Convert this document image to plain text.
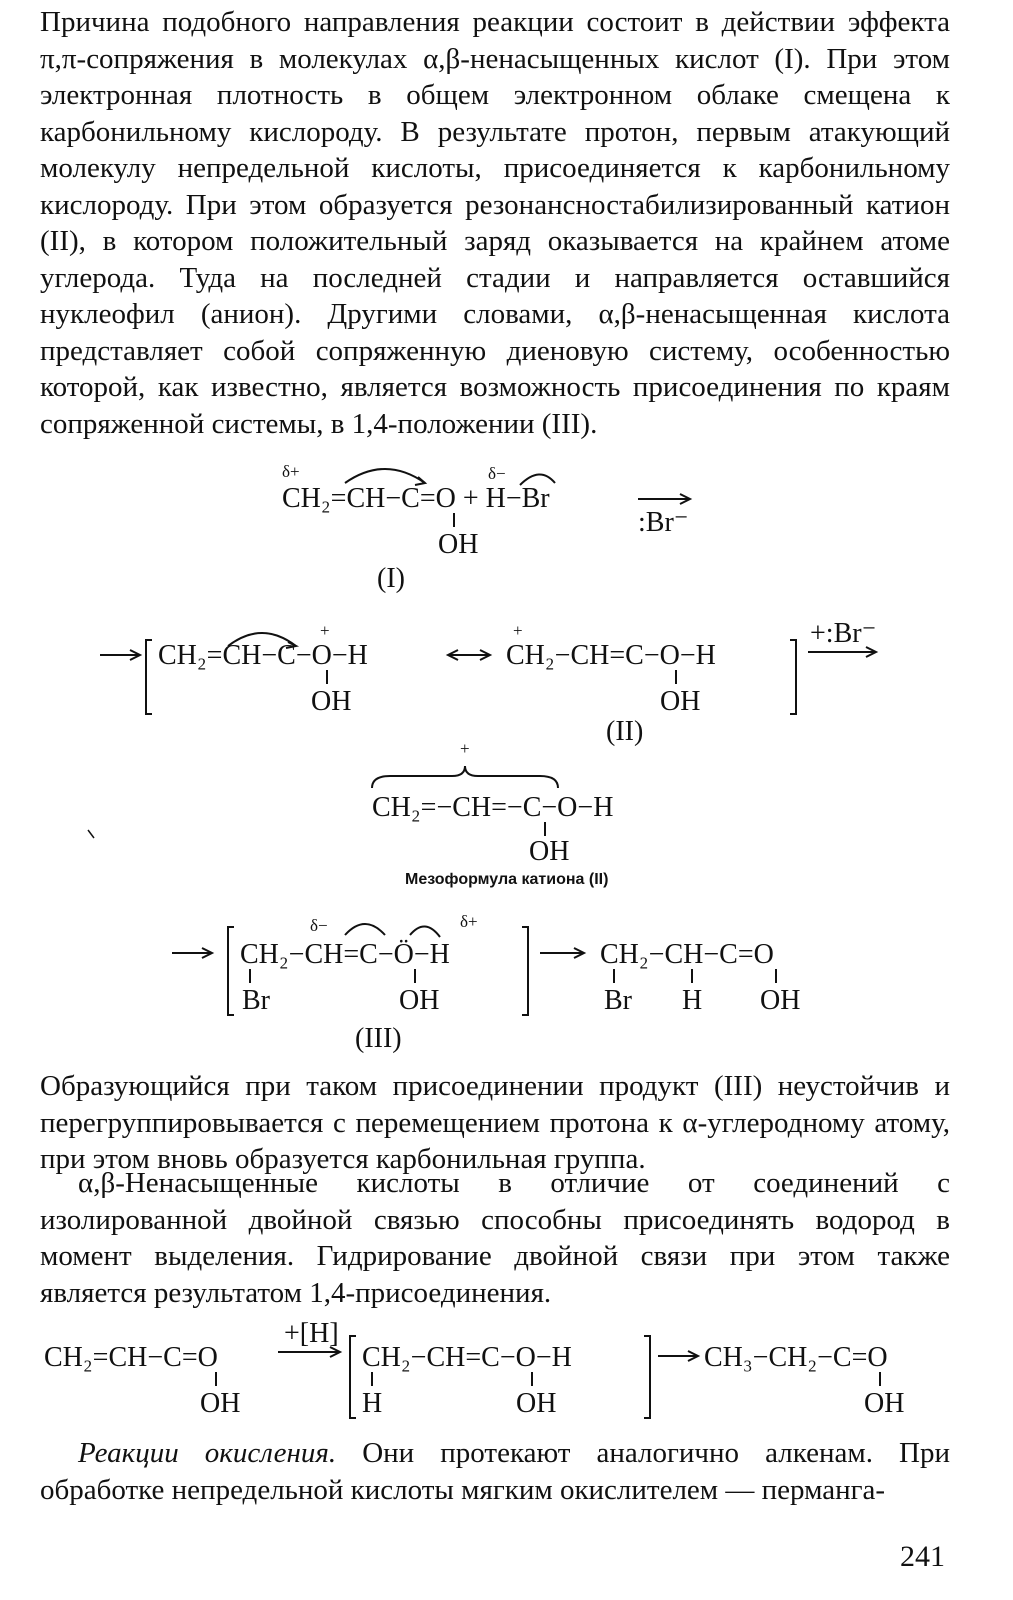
Причина подобного направления реакции состоит в действии эффекта π,π-сопряжения в молекулах α,β-ненасыщенных кислот (I). При этом электронная плотность в общем электронном облаке смещена к карбонильному кислороду. В результате протон, первым атакующий молекулу непредельной кислоты, присоединяется к карбонильному кислороду. При этом образуется резонансностабилизированный катион (II), в котором положительный заряд оказывается на крайнем атоме углерода. Туда на последней стадии и направляется оставшийся нуклеофил (анион). Другими словами, α,β-ненасыщенная кислота представляет собой сопряженную диеновую систему, особенностью которой, как известно, является возможность присоединения по краям сопряженной системы, в 1,4-положении (III).

δ+	δ−
CH₂=CH−C=O + H−Br
OH
:Br⁻
(I)
+
CH₂=CH−C−O−H
OH
+
CH₂−CH=C−O−H
OH
+:Br⁻
(II)
+
CH₂=−CH=−C−O−H
OH
Мезоформула катиона (II)
δ−	δ+
CH₂−CH=C−Ö−H
Br	OH
CH₂−CH−C=O
Br H OH
(III)

Образующийся при таком присоединении продукт (III) неустойчив и перегруппировывается с перемещением протона к α-углеродному атому, при этом вновь образуется карбонильная группа.

α,β-Ненасыщенные кислоты в отличие от соединений с изолированной двойной связью способны присоединять водород в момент выделения. Гидрирование двойной связи при этом также является результатом 1,4-присоединения.

CH₂=CH−C=O
OH
+[H]
CH₂−CH=C−O−H
H	OH
CH₃−CH₂−C=O
OH

Реакции окисления. Они протекают аналогично алкенам. При обработке непредельной кислоты мягким окислителем — перманга-

241
